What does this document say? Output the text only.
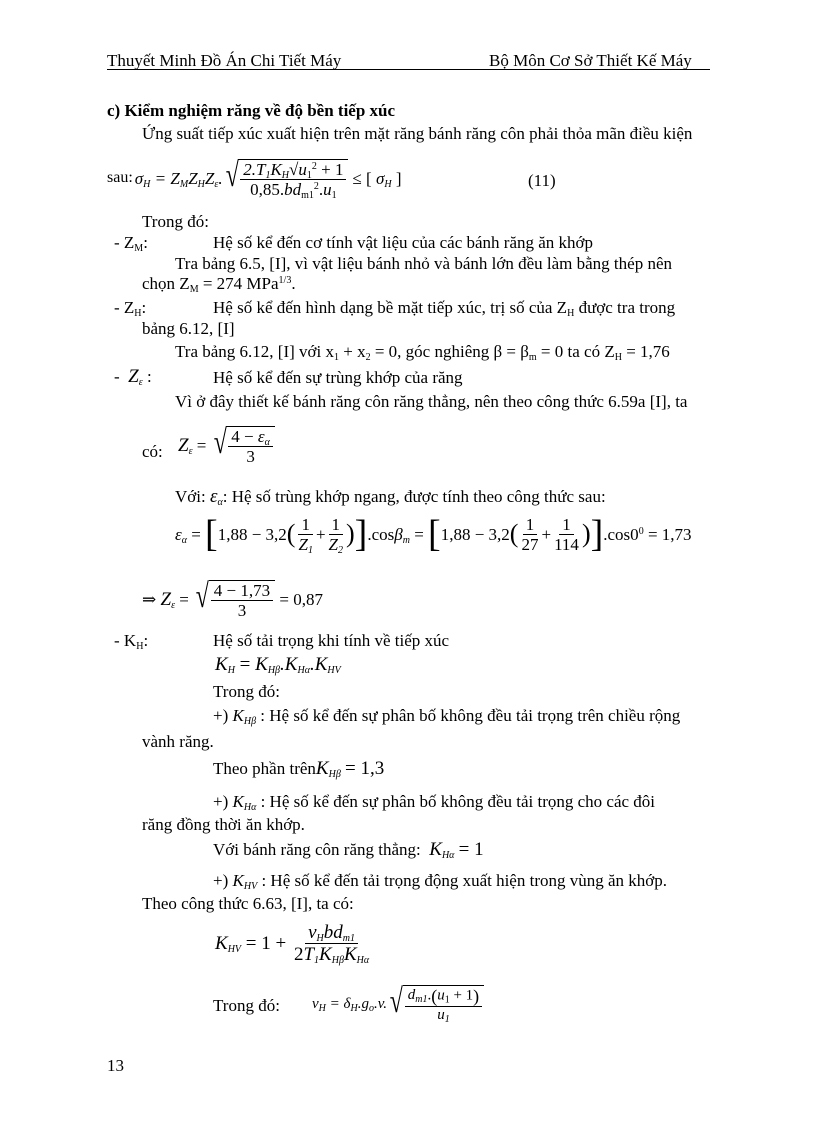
Thuyết Minh Đồ Án Chi Tiết Máy	Bộ Môn Cơ Sở Thiết Kế Máy
c) Kiểm nghiệm răng về độ bền tiếp xúc
Ứng suất tiếp xúc xuất hiện trên mặt răng bánh răng côn phải thỏa mãn điều kiện
sau: $\sigma_H = Z_MZ_HZ_\varepsilon$. √ $\frac{2.T_1K_H√u_1^2 + 1}{0,85.bd_{m1}^2.u_1}$ ≤ [ $\sigma_H$ ]	(11)
Trong đó:
- $Z_M$:	Hệ số kể đến cơ tính vật liệu của các bánh răng ăn khớp
Tra bảng 6.5, [I], vì vật liệu bánh nhỏ và bánh lớn đều làm bằng thép nên
chọn $Z_M = 274$ MPa$^{1/3}$.
- $Z_H$:	Hệ số kể đến hình dạng bề mặt tiếp xúc, trị số của $Z_H$ được tra trong
bảng 6.12, [I]
Tra bảng 6.12, [I] với $x_1 + x_2 = 0$, góc nghiêng $\beta = \beta_m = 0$ ta có $Z_H = 1,76$
- $Z_\varepsilon$ :	Hệ số kể đến sự trùng khớp của răng
Vì ở đây thiết kế bánh răng côn răng thẳng, nên theo công thức 6.59a [I], ta
có: $Z_\varepsilon$ = √ $\frac{4 - \varepsilon_\alpha}{3}$
Với: $\varepsilon_\alpha$: Hệ số trùng khớp ngang, được tính theo công thức sau:
$\varepsilon_\alpha$ = [ 1,88 − 3,2 ( $\frac{1}{Z_1} + \frac{1}{Z_2}$ ) ] .cosβ$_m$ = [ 1,88 − 3,2 ( $\frac{1}{27} + \frac{1}{114}$ ) ] $.\cos 0^0 = 1,73$
⇒ $Z_\varepsilon$ = √ $\frac{4 - 1,73}{3}$
= 0,87
- $K_H$:	Hệ số tải trọng khi tính về tiếp xúc
$K_H = K_{H\beta}.K_{H\alpha}.K_{HV}$
Trong đó:
+) $K_{H\beta}$ : Hệ số kể đến sự phân bố không đều tải trọng trên chiều rộng
vành răng.
Theo phần trênK$_{H\beta}$ = 1,3
+) $K_{H\alpha}$ : Hệ số kể đến sự phân bố không đều tải trọng cho các đôi
răng đồng thời ăn khớp.
Với bánh răng côn răng thẳng: $K_{H\alpha} = 1$
+) $K_{HV}$ : Hệ số kể đến tải trọng động xuất hiện trong vùng ăn khớp.
Theo công thức 6.63, [I], ta có:
$K_{HV} = 1 + \frac{v_Hbd_{m1}}{2T_1K_{H\beta}K_{H\alpha}}$
Trong đó: $v_H = \delta_H.g_o.v$. √ $\frac{d_{m1}.(u_1 + 1)}{u_1}$
13
